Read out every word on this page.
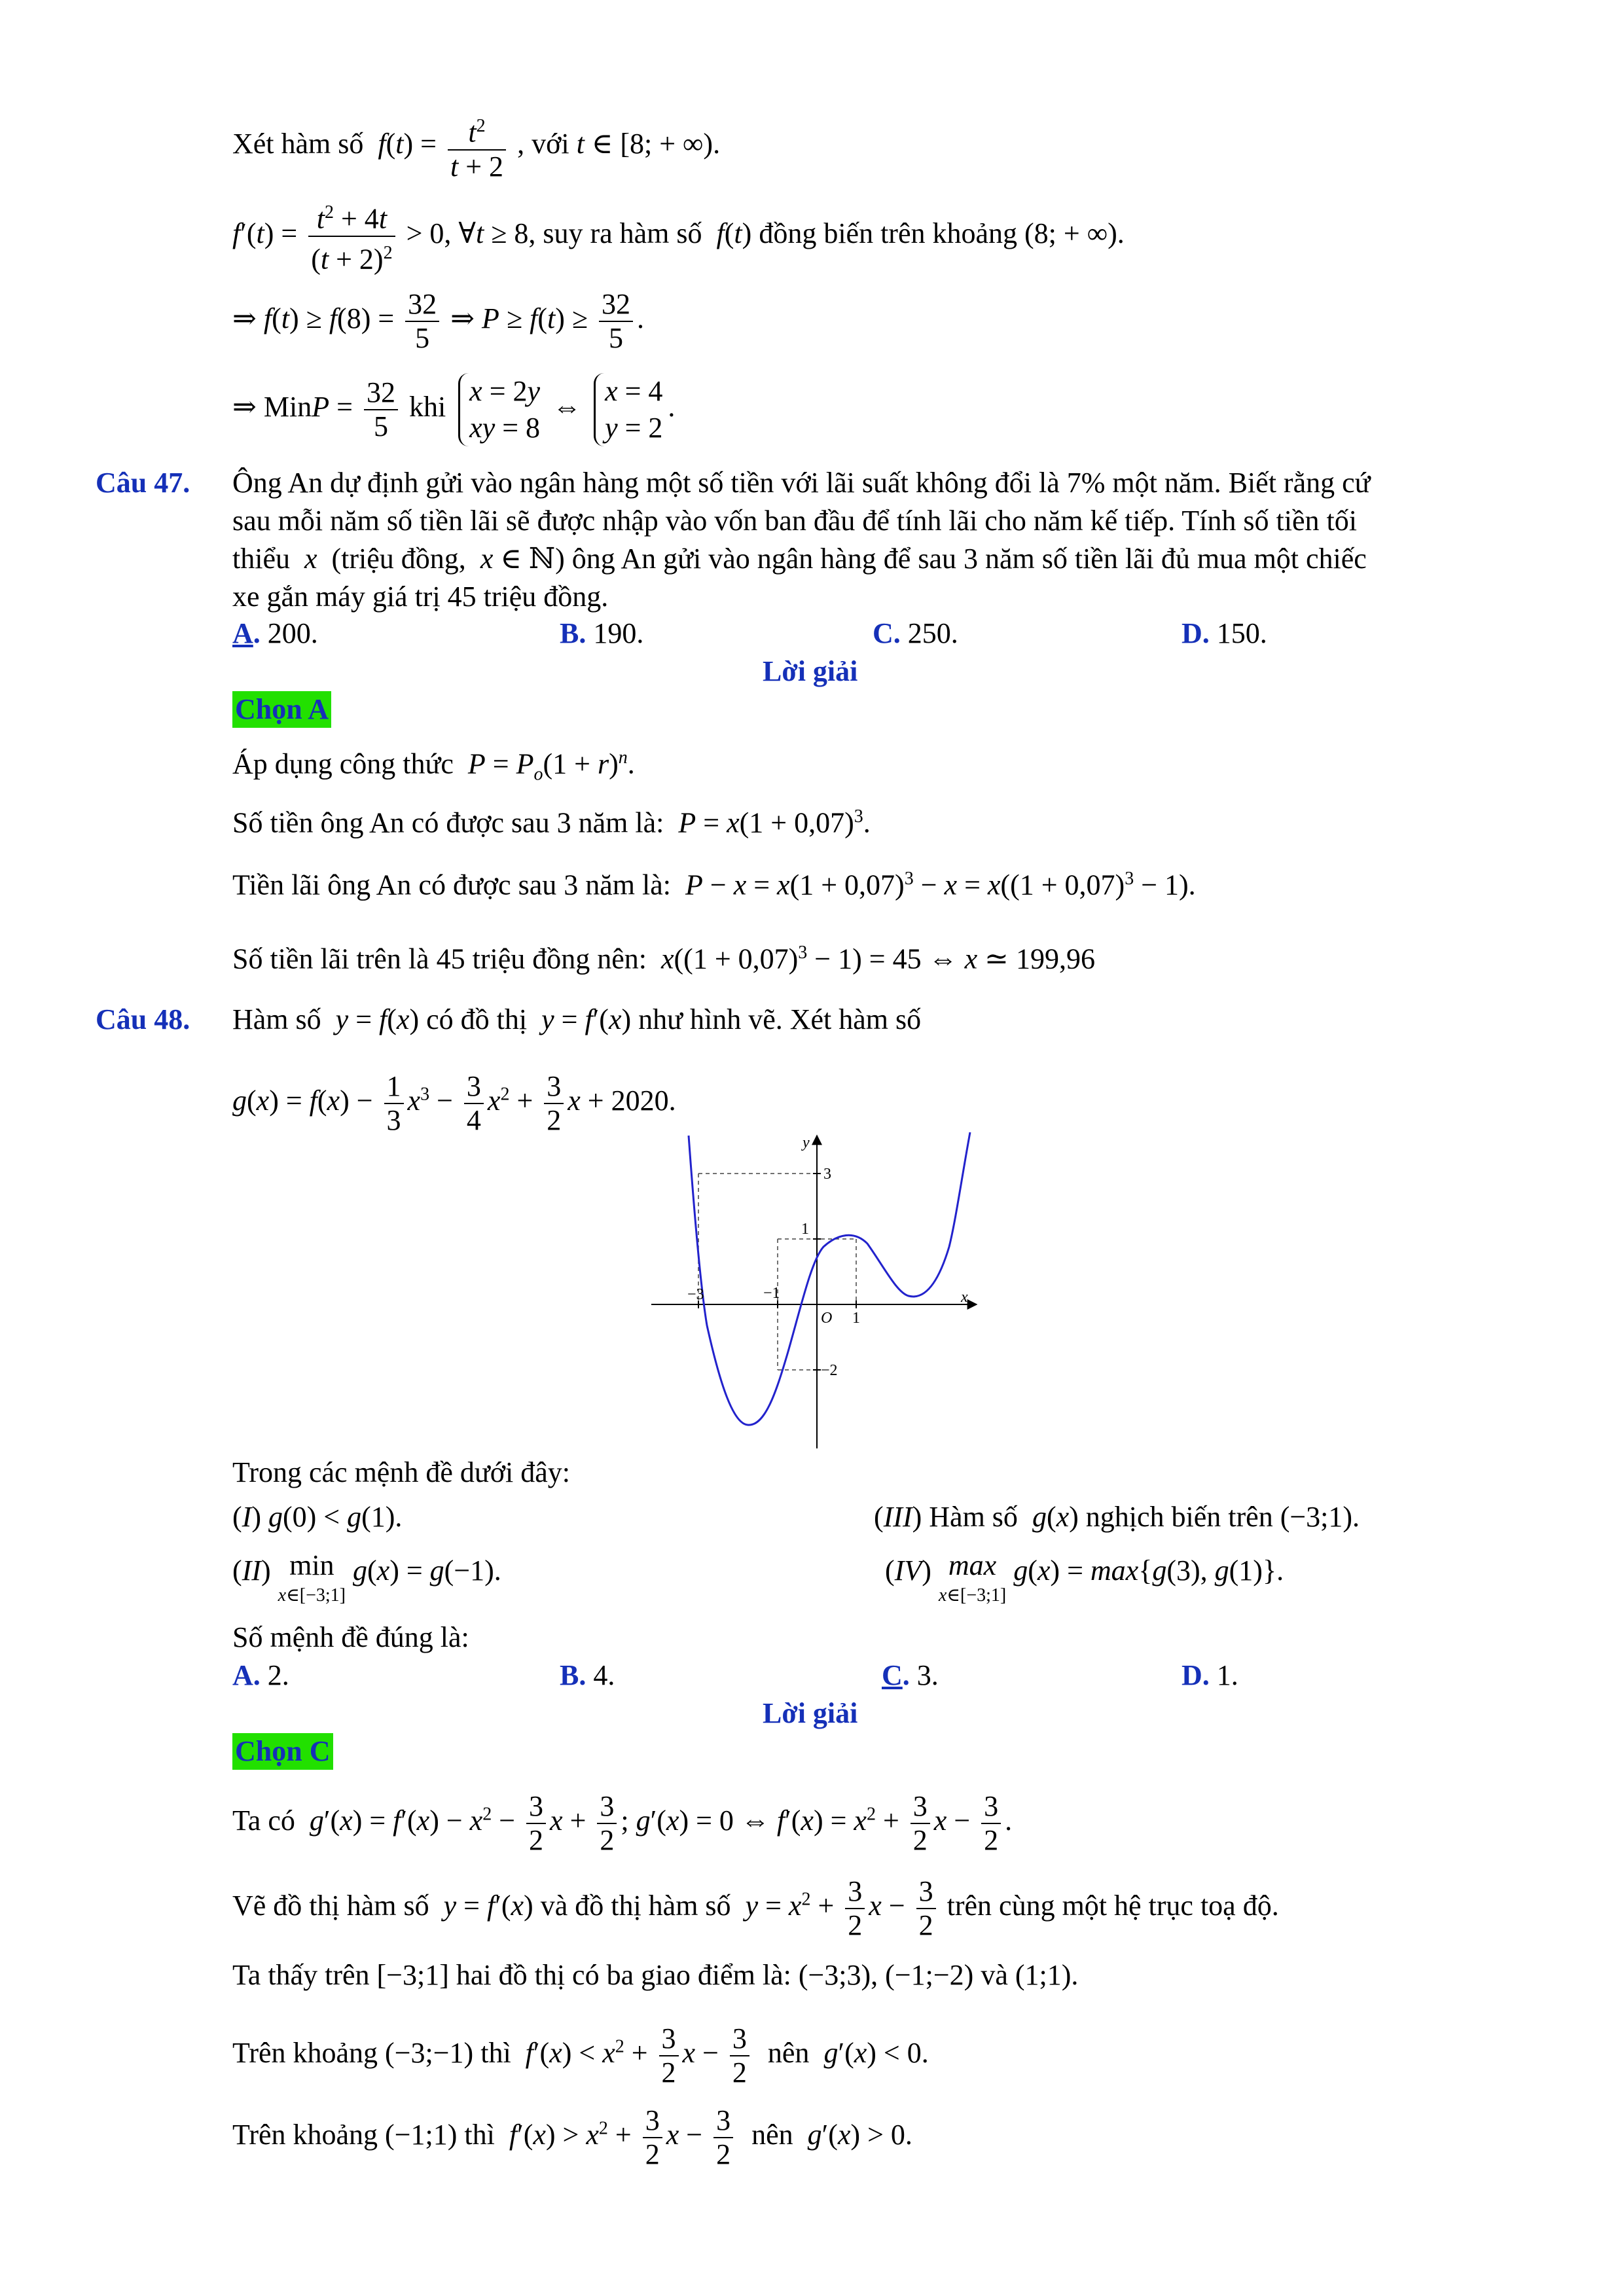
Xét hàm số  $f(t) = \frac{t^2}{t + 2}$ , với t ∈ [8; + ∞).
$f'(t) = \frac{t^2 + 4t}{(t + 2)^2} > 0$, ∀t ≥ 8, suy ra hàm số  f(t) đồng biến trên khoảng (8; + ∞).
⇒ $f(t) \ge f(8) = \frac{32}{5}$ ⇒ $P \ge f(t) \ge \frac{32}{5}$ .
⇒ MinP = $\frac{32}{5}$ khi x = 2y
xy = 8
⇔ x = 4
y = 2
.
Câu 47. Ông An dự định gửi vào ngân hàng một số tiền với lãi suất không đổi là 7% một năm. Biết rằng cứ
sau mỗi năm số tiền lãi sẽ được nhập vào vốn ban đầu để tính lãi cho năm kế tiếp. Tính số tiền tối
thiểu  x  (triệu đồng,  x ∈ ℕ) ông An gửi vào ngân hàng để sau 3 năm số tiền lãi đủ mua một chiếc
xe gắn máy giá trị 45 triệu đồng.
A. 200.	B. 190.	C. 250.	D. 150.
Lời giải
Chọn A
Áp dụng công thức  $P = P_o(1 + r)^n$.
Số tiền ông An có được sau 3 năm là:  $P = x(1 + 0,07)^3$.
Tiền lãi ông An có được sau 3 năm là:  $P - x = x(1 + 0,07)^3 - x = x((1 + 0,07)^3 - 1)$.
Số tiền lãi trên là 45 triệu đồng nên:  $x((1 + 0,07)^3 - 1) = 45$ ⇔ x ≃ 199,96
Câu 48. Hàm số  y = f(x) có đồ thị  y = f′(x) như hình vẽ. Xét hàm số
$g(x) = f(x) - \frac{1}{3} x^3 - \frac{3}{4} x^2 + \frac{3}{2}$ x + 2020.
y
x
O
3
1
−2
−3	−1
1
Trong các mệnh đề dưới đây:
(I) g(0) < g(1).	(III) Hàm số  g(x) nghịch biến trên (−3;1).
(II) min
x∈[−3;1] g(x) = g(−1).	(IV) max
x∈[−3;1] g(x) = max{g(3), g(1)}.
Số mệnh đề đúng là:
A. 2.	B. 4.	C. 3.	D. 1.
Lời giải
Chọn C
Ta có  $g'(x) = f'(x) - x^2 - \frac{3}{2}$ $x + \frac{3}{2}$ ; g′(x) = 0 ⇔ $f'(x) = x^2 + \frac{3}{2}$ $x - \frac{3}{2}$ .
Vẽ đồ thị hàm số  y = f′(x) và đồ thị hàm số  $y = x^2 + \frac{3}{2}$ $x - \frac{3}{2}$ trên cùng một hệ trục toạ độ.
Ta thấy trên [−3;1] hai đồ thị có ba giao điểm là: (−3;3), (−1;−2) và (1;1).
Trên khoảng (−3;−1) thì  $f'(x) < x^2 + \frac{3}{2}$ $x - \frac{3}{2}$ nên  g′(x) < 0.
Trên khoảng (−1;1) thì  $f'(x) > x^2 + \frac{3}{2}$ $x - \frac{3}{2}$ nên  g′(x) > 0.
